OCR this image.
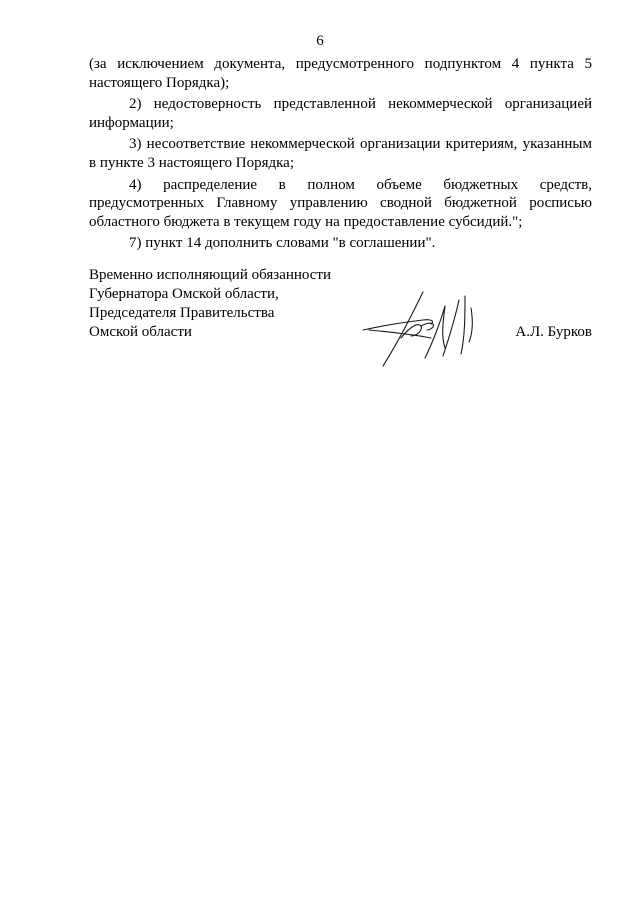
6

(за исключением документа, предусмотренного подпунктом 4 пункта 5 настоящего Порядка);

2) недостоверность представленной некоммерческой организацией информации;

3) несоответствие некоммерческой организации критериям, указанным в пункте 3 настоящего Порядка;

4) распределение в полном объеме бюджетных средств, предусмотренных Главному управлению сводной бюджетной росписью областного бюджета в текущем году на предоставление субсидий.";

7) пункт 14 дополнить словами "в соглашении".

Временно исполняющий обязанности
Губернатора Омской области,
Председателя Правительства
Омской области	А.Л. Бурков
